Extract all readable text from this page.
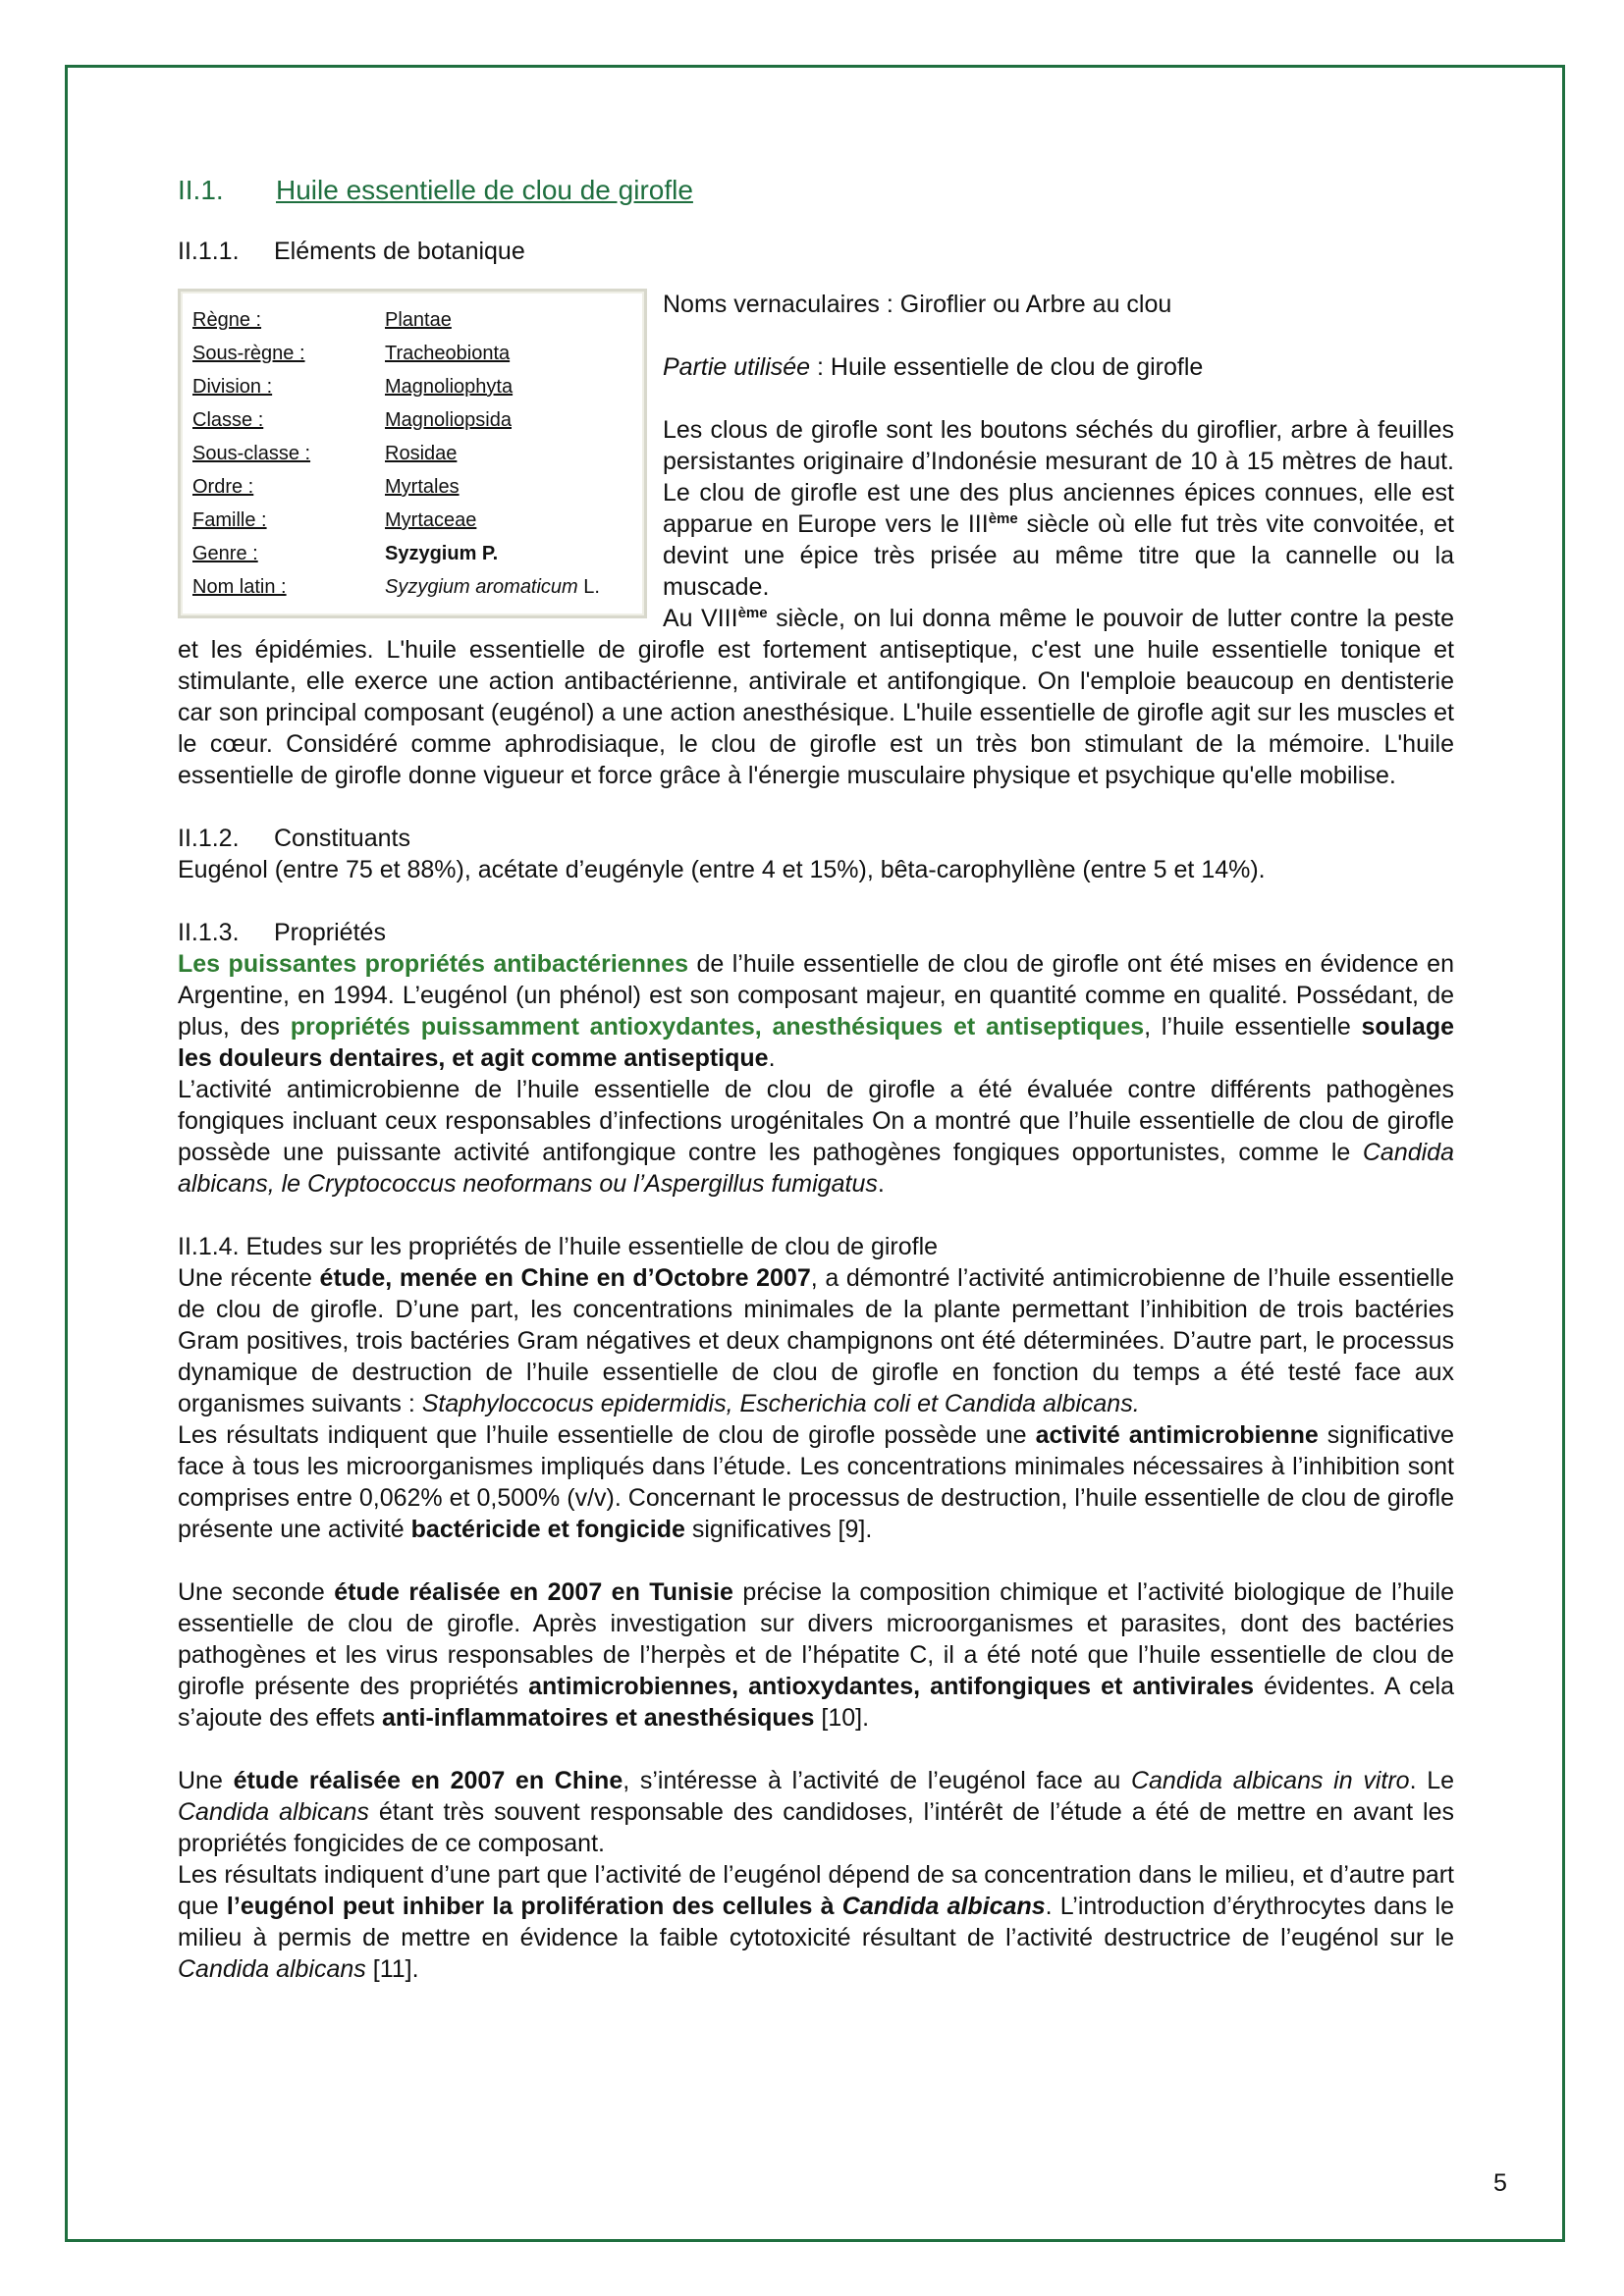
II.1. Huile essentielle de clou de girofle
II.1.1. Eléments de botanique
Règne :	Plantae
Sous-règne :	Tracheobionta
Division :	Magnoliophyta
Classe :	Magnoliopsida
Sous-classe :	Rosidae
Ordre :	Myrtales
Famille :	Myrtaceae
Genre :	Syzygium P.
Nom latin :	Syzygium aromaticum L.

Noms vernaculaires : Giroflier ou Arbre au clou

Partie utilisée : Huile essentielle de clou de girofle

Les clous de girofle sont les boutons séchés du giroflier, arbre à feuilles persistantes originaire d’Indonésie mesurant de 10 à 15 mètres de haut. Le clou de girofle est une des plus anciennes épices connues, elle est apparue en Europe vers le IIIème siècle où elle fut très vite convoitée, et devint une épice très prisée au même titre que la cannelle ou la muscade.

Au VIIIème siècle, on lui donna même le pouvoir de lutter contre la peste et les épidémies. L'huile essentielle de girofle est fortement antiseptique, c'est une huile essentielle tonique et stimulante, elle exerce une action antibactérienne, antivirale et antifongique. On l'emploie beaucoup en dentisterie car son principal composant (eugénol) a une action anesthésique. L'huile essentielle de girofle agit sur les muscles et le cœur. Considéré comme aphrodisiaque, le clou de girofle est un très bon stimulant de la mémoire. L'huile essentielle de girofle donne vigueur et force grâce à l'énergie musculaire physique et psychique qu'elle mobilise.

II.1.2. Constituants

Eugénol (entre 75 et 88%), acétate d’eugényle (entre 4 et 15%), bêta-carophyllène (entre 5 et 14%).

II.1.3. Propriétés

Les puissantes propriétés antibactériennes de l’huile essentielle de clou de girofle ont été mises en évidence en Argentine, en 1994. L’eugénol (un phénol) est son composant majeur, en quantité comme en qualité. Possédant, de plus, des propriétés puissamment antioxydantes, anesthésiques et antiseptiques, l’huile essentielle soulage les douleurs dentaires, et agit comme antiseptique.

L’activité antimicrobienne de l’huile essentielle de clou de girofle a été évaluée contre différents pathogènes fongiques incluant ceux responsables d’infections urogénitales On a montré que l’huile essentielle de clou de girofle possède une puissante activité antifongique contre les pathogènes fongiques opportunistes, comme le Candida albicans, le Cryptococcus neoformans ou l’Aspergillus fumigatus.

II.1.4. Etudes sur les propriétés de l’huile essentielle de clou de girofle

Une récente étude, menée en Chine en d’Octobre 2007, a démontré l’activité antimicrobienne de l’huile essentielle de clou de girofle. D’une part, les concentrations minimales de la plante permettant l’inhibition de trois bactéries Gram positives, trois bactéries Gram négatives et deux champignons ont été déterminées. D’autre part, le processus dynamique de destruction de l’huile essentielle de clou de girofle en fonction du temps a été testé face aux organismes suivants : Staphyloccocus epidermidis, Escherichia coli et Candida albicans.

Les résultats indiquent que l’huile essentielle de clou de girofle possède une activité antimicrobienne significative face à tous les microorganismes impliqués dans l’étude. Les concentrations minimales nécessaires à l’inhibition sont comprises entre 0,062% et 0,500% (v/v). Concernant le processus de destruction, l’huile essentielle de clou de girofle présente une activité bactéricide et fongicide significatives [9].

Une seconde étude réalisée en 2007 en Tunisie précise la composition chimique et l’activité biologique de l’huile essentielle de clou de girofle. Après investigation sur divers microorganismes et parasites, dont des bactéries pathogènes et les virus responsables de l’herpès et de l’hépatite C, il a été noté que l’huile essentielle de clou de girofle présente des propriétés antimicrobiennes, antioxydantes, antifongiques et antivirales évidentes. A cela s’ajoute des effets anti-inflammatoires et anesthésiques [10].

Une étude réalisée en 2007 en Chine, s’intéresse à l’activité de l’eugénol face au Candida albicans in vitro. Le Candida albicans étant très souvent responsable des candidoses, l’intérêt de l’étude a été de mettre en avant les propriétés fongicides de ce composant.

Les résultats indiquent d’une part que l’activité de l’eugénol dépend de sa concentration dans le milieu, et d’autre part que l’eugénol peut inhiber la prolifération des cellules à Candida albicans. L’introduction d’érythrocytes dans le milieu à permis de mettre en évidence la faible cytotoxicité résultant de l’activité destructrice de l’eugénol sur le Candida albicans [11].

5
